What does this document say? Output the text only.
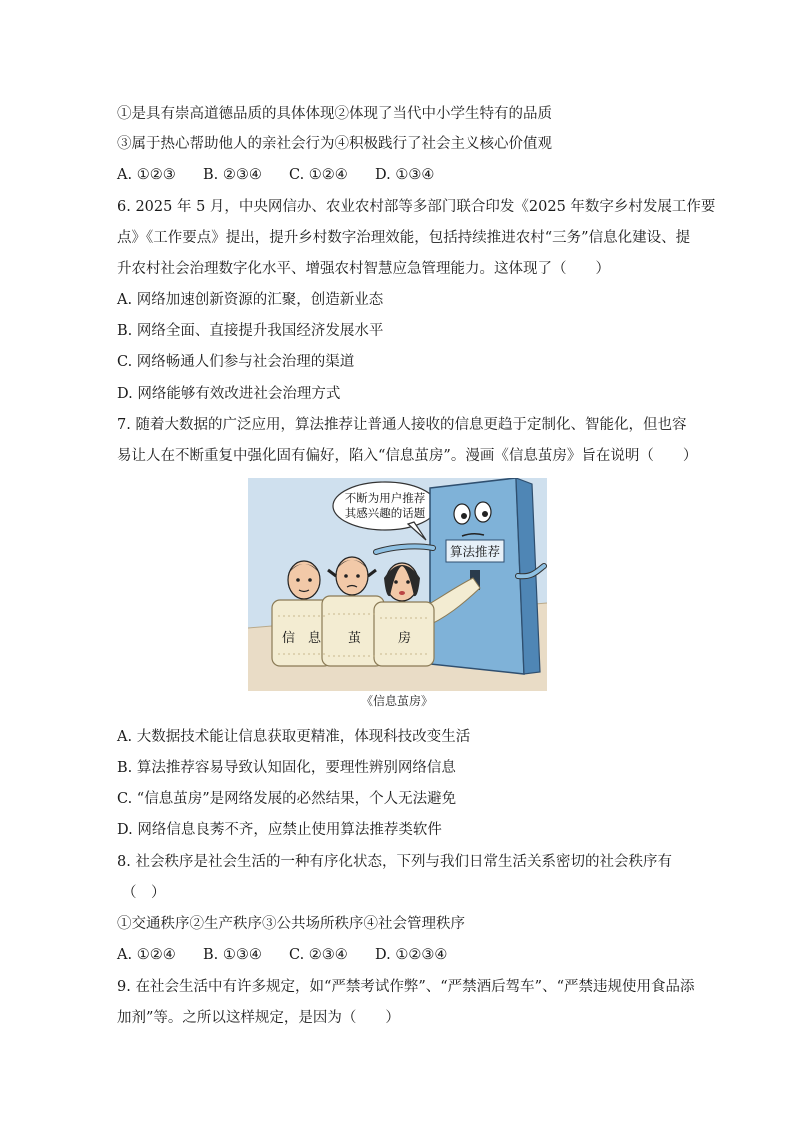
①是具有崇高道德品质的具体体现②体现了当代中小学生特有的品质
③属于热心帮助他人的亲社会行为④积极践行了社会主义核心价值观
A. ①②③ B. ②③④ C. ①②④ D. ①③④
6. 2025 年 5 月，中央网信办、农业农村部等多部门联合印发《2025 年数字乡村发展工作要
点》《工作要点》提出，提升乡村数字治理效能，包括持续推进农村“三务”信息化建设、提
升农村社会治理数字化水平、增强农村智慧应急管理能力。这体现了（　　）
A. 网络加速创新资源的汇聚，创造新业态
B. 网络全面、直接提升我国经济发展水平
C. 网络畅通人们参与社会治理的渠道
D. 网络能够有效改进社会治理方式
7. 随着大数据的广泛应用，算法推荐让普通人接收的信息更趋于定制化、智能化，但也容
易让人在不断重复中强化固有偏好，陷入“信息茧房”。漫画《信息茧房》旨在说明（　　）
不断为用户推荐
其感兴趣的话题
算法推荐
信 息 茧	房
《信息茧房》
A. 大数据技术能让信息获取更精准，体现科技改变生活
B. 算法推荐容易导致认知固化，要理性辨别网络信息
C. “信息茧房”是网络发展的必然结果，个人无法避免
D. 网络信息良莠不齐，应禁止使用算法推荐类软件
8. 社会秩序是社会生活的一种有序化状态，下列与我们日常生活关系密切的社会秩序有
（　）
①交通秩序②生产秩序③公共场所秩序④社会管理秩序
A. ①②④ B. ①③④ C. ②③④ D. ①②③④
9. 在社会生活中有许多规定，如“严禁考试作弊”、“严禁酒后驾车”、“严禁违规使用食品添
加剂”等。之所以这样规定，是因为（　　）
